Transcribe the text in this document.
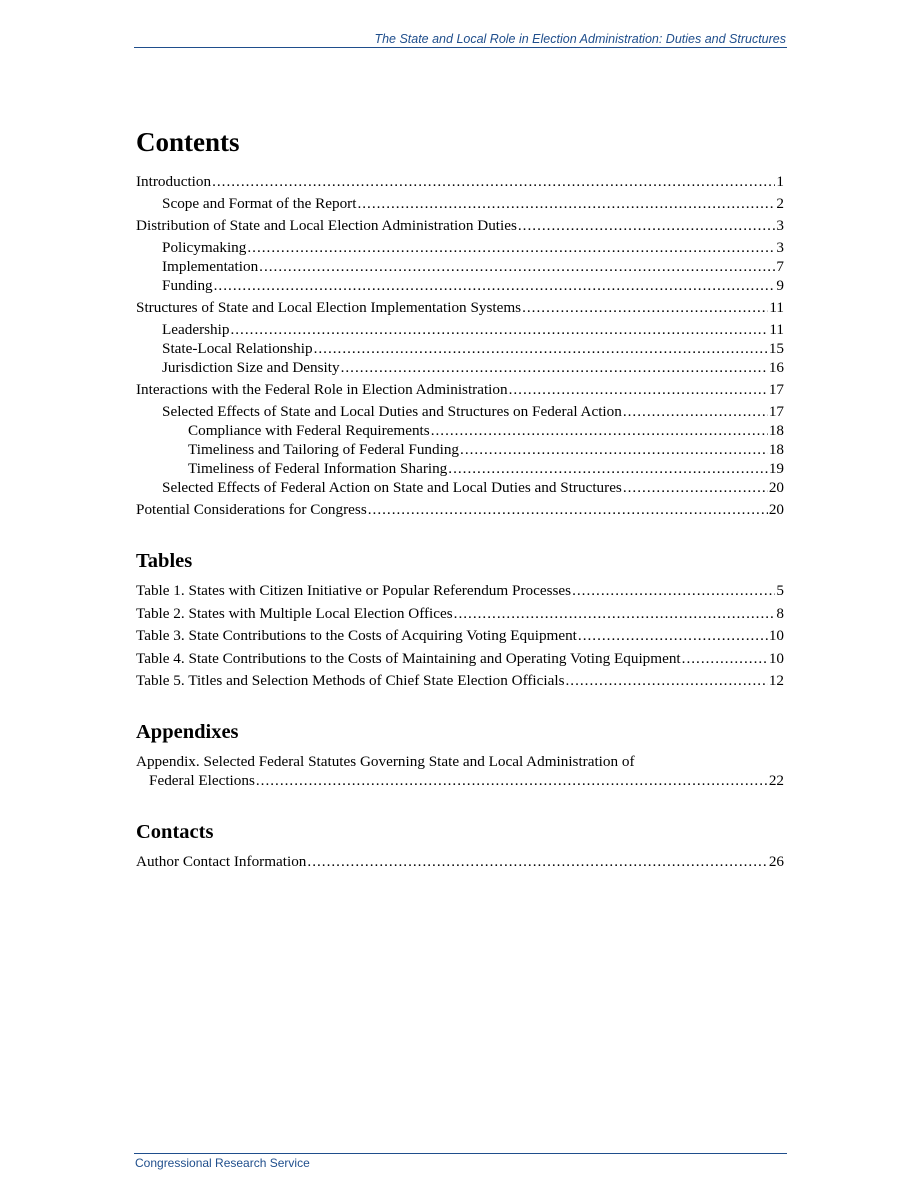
The State and Local Role in Election Administration: Duties and Structures
Contents
Introduction . . .	1
Scope and Format of the Report . . .	2
Distribution of State and Local Election Administration Duties . . .	3
Policymaking . . .	3
Implementation . . .	7
Funding . . .	9
Structures of State and Local Election Implementation Systems . . .	11
Leadership . . .	11
State-Local Relationship . . .	15
Jurisdiction Size and Density . . .	16
Interactions with the Federal Role in Election Administration . . .	17
Selected Effects of State and Local Duties and Structures on Federal Action . . .	17
Compliance with Federal Requirements . . .	18
Timeliness and Tailoring of Federal Funding . . .	18
Timeliness of Federal Information Sharing . . .	19
Selected Effects of Federal Action on State and Local Duties and Structures . . .	20
Potential Considerations for Congress . . .	20
Tables
Table 1. States with Citizen Initiative or Popular Referendum Processes . . .	5
Table 2. States with Multiple Local Election Offices . . .	8
Table 3. State Contributions to the Costs of Acquiring Voting Equipment . . .	10
Table 4. State Contributions to the Costs of Maintaining and Operating Voting Equipment . . .	10
Table 5. Titles and Selection Methods of Chief State Election Officials . . .	12
Appendixes
Appendix. Selected Federal Statutes Governing State and Local Administration of
Federal Elections . . .	22
Contacts
Author Contact Information . . .	26
Congressional Research Service
